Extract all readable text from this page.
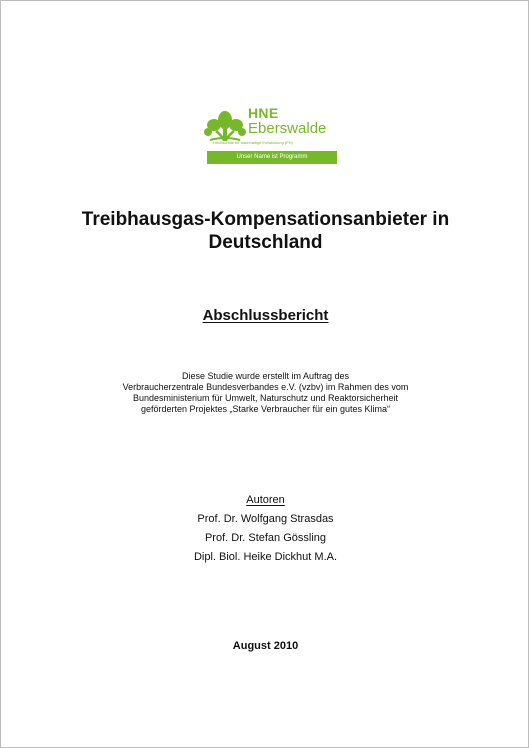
HNE
Eberswalde
Hochschule für nachhaltige Entwicklung (FH)
Unser Name ist Programm
Treibhausgas-Kompensationsanbieter in
Deutschland
Abschlussbericht
Diese Studie wurde erstellt im Auftrag des
Verbraucherzentrale Bundesverbandes e.V. (vzbv) im Rahmen des vom
Bundesministerium für Umwelt, Naturschutz und Reaktorsicherheit
geförderten Projektes „Starke Verbraucher für ein gutes Klima“
Autoren
Prof. Dr. Wolfgang Strasdas
Prof. Dr. Stefan Gössling
Dipl. Biol. Heike Dickhut M.A.
August 2010
